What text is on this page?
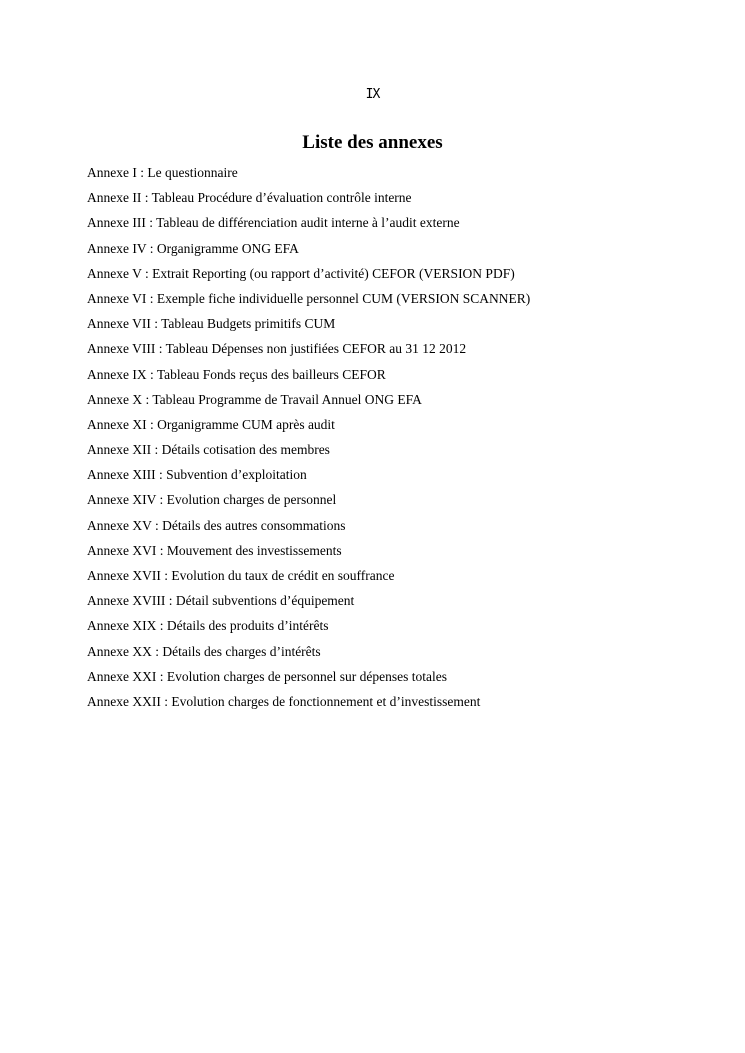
IX
Liste des annexes
Annexe I : Le questionnaire
Annexe II : Tableau Procédure d’évaluation contrôle interne
Annexe III : Tableau de différenciation audit interne à l’audit externe
Annexe IV : Organigramme ONG EFA
Annexe V : Extrait Reporting (ou rapport d’activité) CEFOR (VERSION PDF)
Annexe VI : Exemple fiche individuelle personnel CUM (VERSION SCANNER)
Annexe VII : Tableau Budgets primitifs CUM
Annexe VIII : Tableau Dépenses non justifiées CEFOR au 31 12 2012
Annexe IX : Tableau Fonds reçus des bailleurs CEFOR
Annexe X : Tableau Programme de Travail Annuel ONG EFA
Annexe XI : Organigramme CUM après audit
Annexe XII : Détails cotisation des membres
Annexe XIII : Subvention d’exploitation
Annexe XIV : Evolution charges de personnel
Annexe XV : Détails des autres consommations
Annexe XVI : Mouvement des investissements
Annexe XVII : Evolution du taux de crédit en souffrance
Annexe XVIII : Détail subventions d’équipement
Annexe XIX : Détails des produits d’intérêts
Annexe XX : Détails des charges d’intérêts
Annexe XXI : Evolution charges de personnel sur dépenses totales
Annexe XXII : Evolution charges de fonctionnement et d’investissement
